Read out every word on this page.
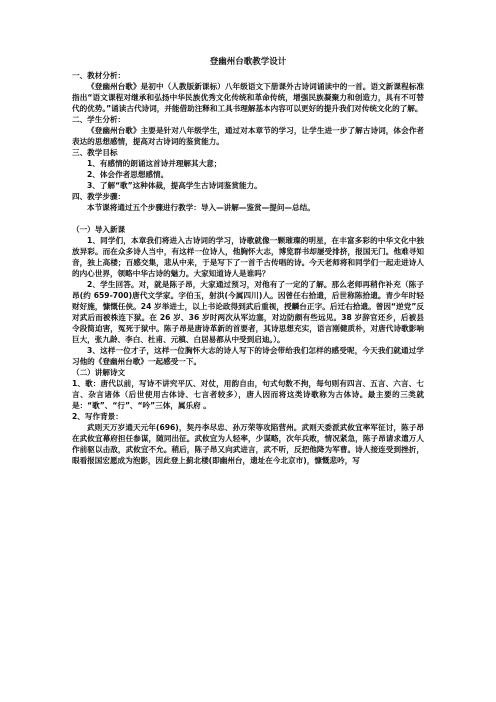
登幽州台歌教学设计
一、教材分析：
《登幽州台歌》是初中（人教版新课标）八年级语文下册课外古诗词诵读中的一首。语文新课程标准指出“语文课程对继承和弘扬中华民族优秀文化传统和革命传统，增强民族凝聚力和创造力，具有不可替代的优势。”诵读古代诗词，并能借助注释和工具书理解基本内容可以更好的提升我们对传统文化的了解。
二、学生分析：
《登幽州台歌》主要是针对八年级学生，通过对本章节的学习，让学生进一步了解古诗词，体会作者表达的思想感情，提高对古诗词的鉴赏能力。
三、教学目标
1、有感情的朗诵这首诗并理解其大意；
2、体会作者思想感情。
3、了解“歌”这种体裁，提高学生古诗词鉴赏能力。
四、教学步骤：
本节课将通过五个步骤进行教学：导入—讲解—鉴赏—提问—总结。
（一）导入新课
1、同学们，本章我们将进入古诗词的学习，诗歌就像一颗璀璨的明星，在丰富多彩的中华文化中独放异彩。而在众多诗人当中，有这样一位诗人，他胸怀大志，博览群书却屡受排挤，报国无门。他难寻知音，独上高楼；百感交集，悲从中来，于是写下了一首千古传唱的诗。今天老师将和同学们一起走进诗人的内心世界，领略中华古诗的魅力。大家知道诗人是谁吗？
2、学生回答。对，就是陈子昂，大家通过预习，对他有了一定的了解。那么老师再稍作补充（陈子昂(约 659-700)唐代文学家。字伯玉，射洪(今属四川)人。因曾任右拾遗，后世称陈拾遗。青少年时轻财好施，慷慨任侠。24 岁举进士，以上书论政得到武后重视，授麟台正字。后迁右拾遗。曾因“逆党”反对武后而被株连下狱。在 26 岁、36 岁时两次从军边塞，对边防颇有些远见。38 岁辞官还乡，后被县令段简迫害，冤死于狱中。陈子昂是唐诗革新的首要者，其诗思想充实，语言刚健质朴，对唐代诗歌影响巨大，张九龄、李白、杜甫、元稹、白居易都从中受到启迪。）。
3、这样一位才子，这样一位胸怀大志的诗人写下的诗会带给我们怎样的感受呢，今天我们就通过学习他的《登幽州台歌》一起感受一下。
（二）讲解诗文
1、歌：唐代以前，写诗不讲究平仄、对仗，用韵自由，句式句数不拘，每句则有四言、五言、六言、七言、杂言诸体（后世使用古体诗、七言者较多），唐人因而将这类诗歌称为古体诗。最主要的三类就是：“歌”、“行”、“吟”三体，属乐府 。
2、写作背景：
武则天万岁通天元年(696)，契丹李尽忠、孙万荣等攻陷营州。武则天委派武攸宜率军征讨，陈子昂在武攸宜幕府担任参谋，随同出征。武攸宜为人轻率，少谋略，次年兵败，情况紧急，陈子昂请求遣万人作前驱以击敌，武攸宜不允。稍后，陈子昂又向武进言，武不听，反把他降为军曹。诗人接连受到挫折，眼看报国宏愿成为泡影，因此登上蓟北楼(即幽州台，遗址在今北京市)，慷慨悲吟，写
